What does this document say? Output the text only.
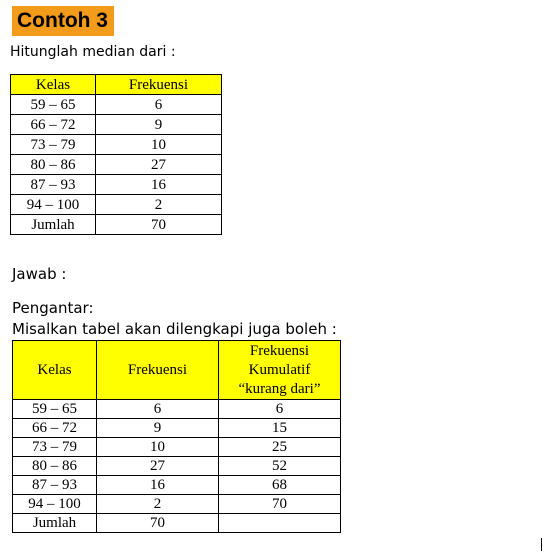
Contoh 3
Hitunglah median dari :
Kelas	Frekuensi
59 – 65	6
66 – 72	9
73 – 79	10
80 – 86	27
87 – 93	16
94 – 100	2
Jumlah	70
Jawab :
Pengantar:
Misalkan tabel akan dilengkapi juga boleh :
Kelas	Frekuensi	Frekuensi
Kumulatif
“kurang dari”
59 – 65	6	6
66 – 72	9	15
73 – 79	10	25
80 – 86	27	52
87 – 93	16	68
94 – 100	2	70
Jumlah	70	
